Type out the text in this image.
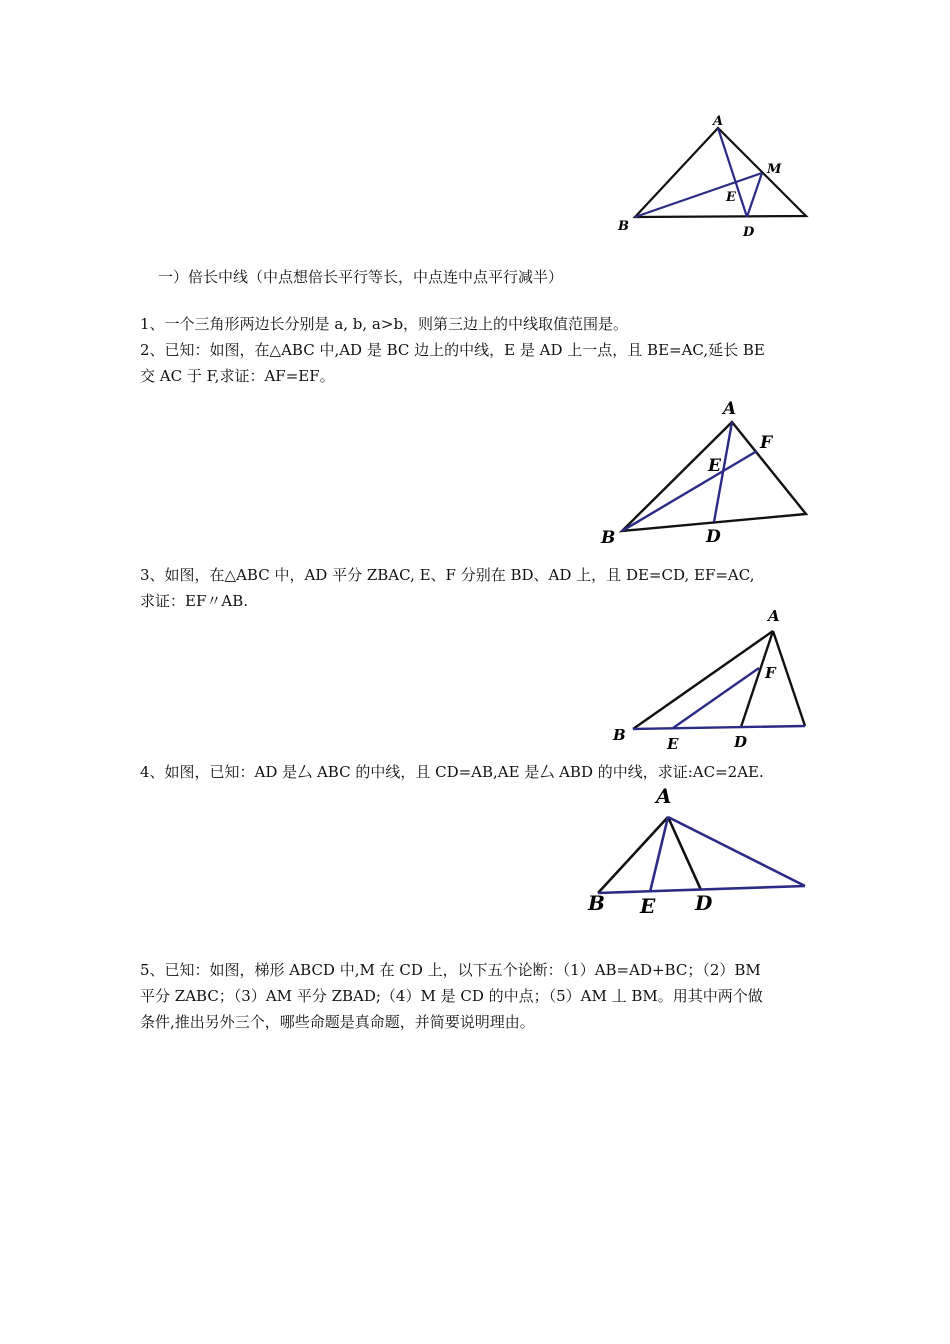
A
M
E
B	D
一）倍长中线（中点想倍长平行等长，中点连中点平行减半）
1、一个三角形两边长分别是 a, b, a>b，则第三边上的中线取值范围是。
2、已知：如图，在△ABC 中,AD 是 BC 边上的中线，E 是 AD 上一点，且 BE=AC,延长 BE
交 AC 于 F,求证：AF=EF。
A
F
E
B	D
3、如图，在△ABC 中，AD 平分 ZBAC, E、F 分别在 BD、AD 上，且 DE=CD, EF=AC,
求证：EF〃AB.
A
F
B	E	D
4、如图，已知：AD 是厶 ABC 的中线，且 CD=AB,AE 是厶 ABD 的中线，求证:AC=2AE.
A
B E D
5、已知：如图，梯形 ABCD 中,M 在 CD 上，以下五个论断：（1）AB=AD+BC；（2）BM
平分 ZABC；（3）AM 平分 ZBAD;（4）M 是 CD 的中点；（5）AM 丄 BM。用其中两个做
条件,推出另外三个，哪些命题是真命题，并简要说明理由。
